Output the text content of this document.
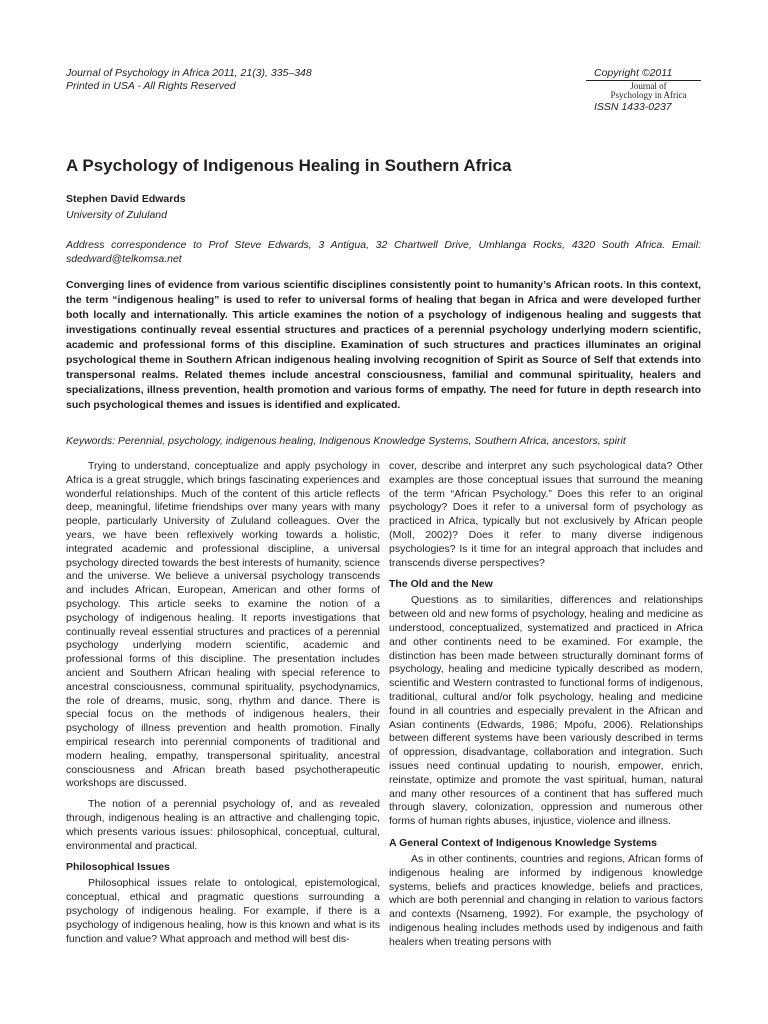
Journal of Psychology in Africa 2011, 21(3), 335–348
Printed in USA - All Rights Reserved
Copyright ©2011
Journal of
Psychology in Africa
ISSN 1433-0237
A Psychology of Indigenous Healing in Southern Africa
Stephen David Edwards
University of Zululand
Address correspondence to Prof Steve Edwards, 3 Antigua, 32 Chartwell Drive, Umhlanga Rocks, 4320 South Africa. Email: sdedward@telkomsa.net
Converging lines of evidence from various scientific disciplines consistently point to humanity’s African roots. In this context, the term “indigenous healing” is used to refer to universal forms of healing that began in Africa and were developed further both locally and internationally. This article examines the notion of a psychology of indigenous healing and suggests that investigations continually reveal essential structures and practices of a perennial psychology underlying modern scientific, academic and professional forms of this discipline. Examination of such structures and practices illuminates an original psychological theme in Southern African indigenous healing involving recognition of Spirit as Source of Self that extends into transpersonal realms. Related themes include ancestral consciousness, familial and communal spirituality, healers and specializations, illness prevention, health promotion and various forms of empathy. The need for future in depth research into such psychological themes and issues is identified and explicated.
Keywords: Perennial, psychology, indigenous healing, Indigenous Knowledge Systems, Southern Africa, ancestors, spirit

Trying to understand, conceptualize and apply psychology in Africa is a great struggle, which brings fascinating experiences and wonderful relationships. Much of the content of this article reflects deep, meaningful, lifetime friendships over many years with many people, particularly University of Zululand colleagues. Over the years, we have been reflexively working towards a holistic, integrated academic and professional discipline, a universal psychology directed towards the best interests of humanity, science and the universe. We believe a universal psychology transcends and includes African, European, American and other forms of psychology. This article seeks to examine the notion of a psychology of indigenous healing. It reports investigations that continually reveal essential structures and practices of a perennial psychology underlying modern scientific, academic and professional forms of this discipline. The presentation includes ancient and Southern African healing with special reference to ancestral consciousness, communal spirituality, psychodynamics, the role of dreams, music, song, rhythm and dance. There is special focus on the methods of indigenous healers, their psychology of illness prevention and health promotion. Finally empirical research into perennial components of traditional and modern healing, empathy, transpersonal spirituality, ancestral consciousness and African breath based psychotherapeutic workshops are discussed.

The notion of a perennial psychology of, and as revealed through, indigenous healing is an attractive and challenging topic, which presents various issues: philosophical, conceptual, cultural, environmental and practical.

Philosophical Issues

Philosophical issues relate to ontological, epistemological, conceptual, ethical and pragmatic questions surrounding a psychology of indigenous healing. For example, if there is a psychology of indigenous healing, how is this known and what is its function and value? What approach and method will best dis-

cover, describe and interpret any such psychological data? Other examples are those conceptual issues that surround the meaning of the term “African Psychology.” Does this refer to an original psychology? Does it refer to a universal form of psychology as practiced in Africa, typically but not exclusively by African people (Moll, 2002)? Does it refer to many diverse indigenous psychologies? Is it time for an integral approach that includes and transcends diverse perspectives?

The Old and the New

Questions as to similarities, differences and relationships between old and new forms of psychology, healing and medicine as understood, conceptualized, systematized and practiced in Africa and other continents need to be examined. For example, the distinction has been made between structurally dominant forms of psychology, healing and medicine typically described as modern, scientific and Western contrasted to functional forms of indigenous, traditional, cultural and/or folk psychology, healing and medicine found in all countries and especially prevalent in the African and Asian continents (Edwards, 1986; Mpofu, 2006). Relationships between different systems have been variously described in terms of oppression, disadvantage, collaboration and integration. Such issues need continual updating to nourish, empower, enrich, reinstate, optimize and promote the vast spiritual, human, natural and many other resources of a continent that has suffered much through slavery, colonization, oppression and numerous other forms of human rights abuses, injustice, violence and illness.

A General Context of Indigenous Knowledge Systems

As in other continents, countries and regions, African forms of indigenous healing are informed by indigenous knowledge systems, beliefs and practices knowledge, beliefs and practices, which are both perennial and changing in relation to various factors and contexts (Nsameng, 1992). For example, the psychology of indigenous healing includes methods used by indigenous and faith healers when treating persons with
